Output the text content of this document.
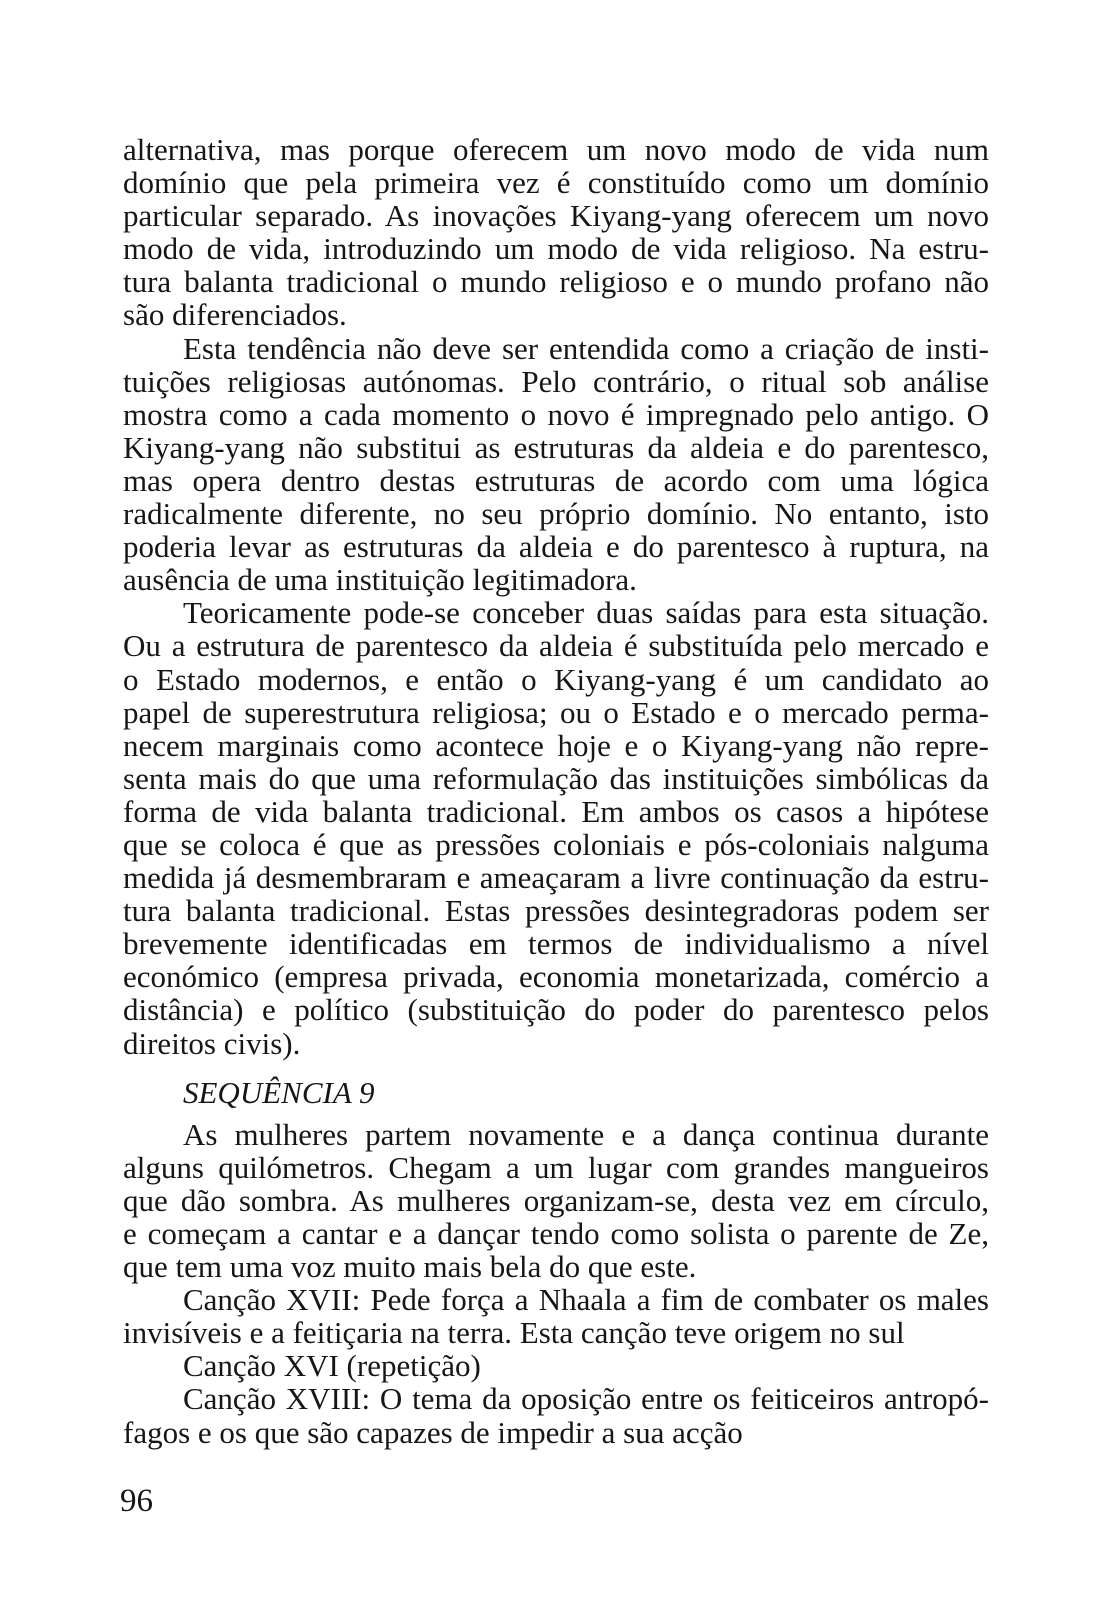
alternativa, mas porque oferecem um novo modo de vida num
domínio que pela primeira vez é constituído como um domínio
particular separado. As inovações Kiyang-yang oferecem um novo
modo de vida, introduzindo um modo de vida religioso. Na estru-
tura balanta tradicional o mundo religioso e o mundo profano não
são diferenciados.
Esta tendência não deve ser entendida como a criação de insti-
tuições religiosas autónomas. Pelo contrário, o ritual sob análise
mostra como a cada momento o novo é impregnado pelo antigo. O
Kiyang-yang não substitui as estruturas da aldeia e do parentesco,
mas opera dentro destas estruturas de acordo com uma lógica
radicalmente diferente, no seu próprio domínio. No entanto, isto
poderia levar as estruturas da aldeia e do parentesco à ruptura, na
ausência de uma instituição legitimadora.
Teoricamente pode-se conceber duas saídas para esta situação.
Ou a estrutura de parentesco da aldeia é substituída pelo mercado e
o Estado modernos, e então o Kiyang-yang é um candidato ao
papel de superestrutura religiosa; ou o Estado e o mercado perma-
necem marginais como acontece hoje e o Kiyang-yang não repre-
senta mais do que uma reformulação das instituições simbólicas da
forma de vida balanta tradicional. Em ambos os casos a hipótese
que se coloca é que as pressões coloniais e pós-coloniais nalguma
medida já desmembraram e ameaçaram a livre continuação da estru-
tura balanta tradicional. Estas pressões desintegradoras podem ser
brevemente identificadas em termos de individualismo a nível
económico (empresa privada, economia monetarizada, comércio a
distância) e político (substituição do poder do parentesco pelos
direitos civis).
SEQUÊNCIA 9
As mulheres partem novamente e a dança continua durante
alguns quilómetros. Chegam a um lugar com grandes mangueiros
que dão sombra. As mulheres organizam-se, desta vez em círculo,
e começam a cantar e a dançar tendo como solista o parente de Ze,
que tem uma voz muito mais bela do que este.
Canção XVII: Pede força a Nhaala a fim de combater os males
invisíveis e a feitiçaria na terra. Esta canção teve origem no sul
Canção XVI (repetição)
Canção XVIII: O tema da oposição entre os feiticeiros antropó-
fagos e os que são capazes de impedir a sua acção
96
